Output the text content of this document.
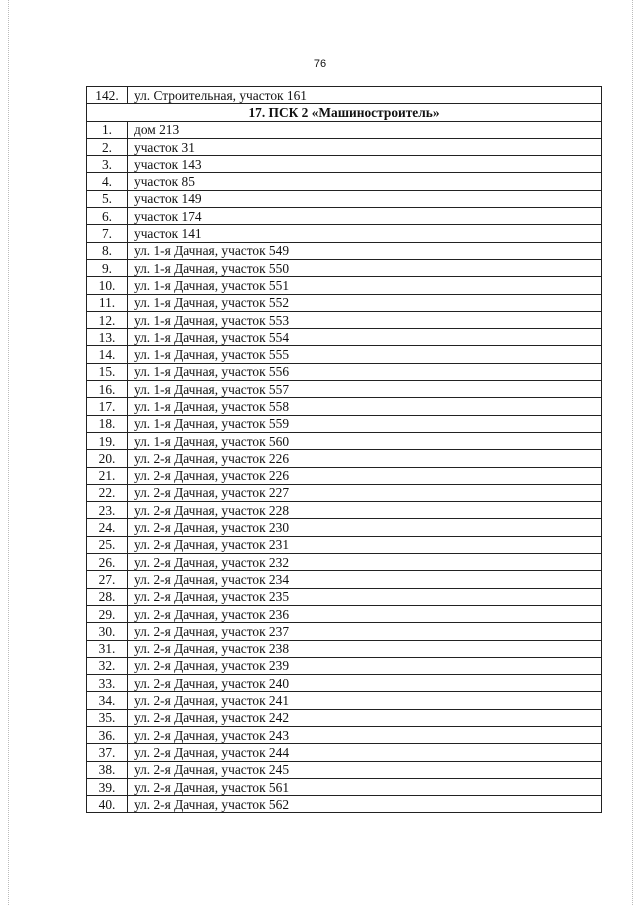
76
142.	ул. Строительная, участок 161
17. ПСК 2 «Машиностроитель»	
1.	дом 213
2.	участок 31
3.	участок 143
4.	участок 85
5.	участок 149
6.	участок 174
7.	участок 141
8.	ул. 1-я Дачная, участок 549
9.	ул. 1-я Дачная, участок 550
10.	ул. 1-я Дачная, участок 551
11.	ул. 1-я Дачная, участок 552
12.	ул. 1-я Дачная, участок 553
13.	ул. 1-я Дачная, участок 554
14.	ул. 1-я Дачная, участок 555
15.	ул. 1-я Дачная, участок 556
16.	ул. 1-я Дачная, участок 557
17.	ул. 1-я Дачная, участок 558
18.	ул. 1-я Дачная, участок 559
19.	ул. 1-я Дачная, участок 560
20.	ул. 2-я Дачная, участок 226
21.	ул. 2-я Дачная, участок 226
22.	ул. 2-я Дачная, участок 227
23.	ул. 2-я Дачная, участок 228
24.	ул. 2-я Дачная, участок 230
25.	ул. 2-я Дачная, участок 231
26.	ул. 2-я Дачная, участок 232
27.	ул. 2-я Дачная, участок 234
28.	ул. 2-я Дачная, участок 235
29.	ул. 2-я Дачная, участок 236
30.	ул. 2-я Дачная, участок 237
31.	ул. 2-я Дачная, участок 238
32.	ул. 2-я Дачная, участок 239
33.	ул. 2-я Дачная, участок 240
34.	ул. 2-я Дачная, участок 241
35.	ул. 2-я Дачная, участок 242
36.	ул. 2-я Дачная, участок 243
37.	ул. 2-я Дачная, участок 244
38.	ул. 2-я Дачная, участок 245
39.	ул. 2-я Дачная, участок 561
40.	ул. 2-я Дачная, участок 562
